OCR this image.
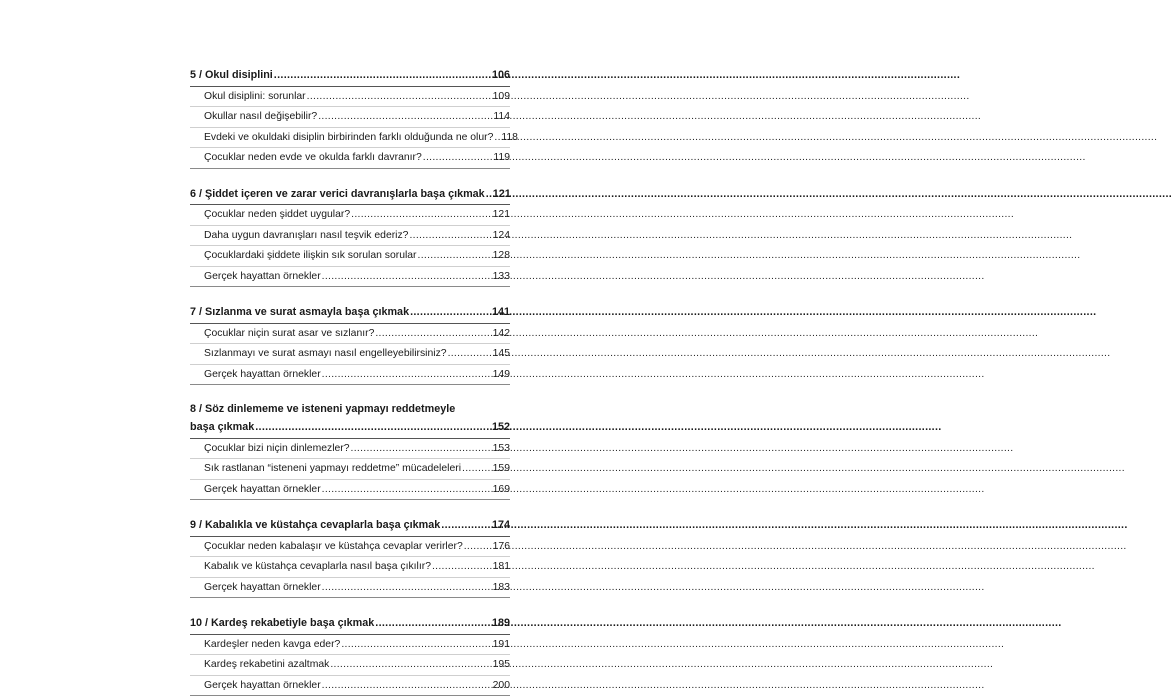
5 / Okul disiplini .....	106
Okul disiplini: sorunlar .....	109
Okullar nasıl değişebilir? .....	114
Evdeki ve okuldaki disiplin birbirinden farklı olduğunda ne olur? ..... 118
Çocuklar neden evde ve okulda farklı davranır? .....	119
6 / Şiddet içeren ve zarar verici davranışlarla başa çıkmak ..... 121
Çocuklar neden şiddet uygular? .....	121
Daha uygun davranışları nasıl teşvik ederiz? .....	124
Çocuklardaki şiddete ilişkin sık sorulan sorular .....	128
Gerçek hayattan örnekler .....	133
7 / Sızlanma ve surat asmayla başa çıkmak .....	141
Çocuklar niçin surat asar ve sızlanır? .....	142
Sızlanmayı ve surat asmayı nasıl engelleyebilirsiniz? .....	145
Gerçek hayattan örnekler .....	149
8 / Söz dinlememe ve isteneni yapmayı reddetmeyle
başa çıkmak .....	152
Çocuklar bizi niçin dinlemezler? .....	153
Sık rastlanan “isteneni yapmayı reddetme” mücadeleleri .....	159
Gerçek hayattan örnekler .....	169
9 / Kabalıkla ve küstahça cevaplarla başa çıkmak .....	174
Çocuklar neden kabalaşır ve küstahça cevaplar verirler? .....	176
Kabalık ve küstahça cevaplarla nasıl başa çıkılır? .....	181
Gerçek hayattan örnekler .....	183
10 / Kardeş rekabetiyle başa çıkmak .....	189
Kardeşler neden kavga eder? .....	191
Kardeş rekabetini azaltmak .....	195
Gerçek hayattan örnekler .....	200
